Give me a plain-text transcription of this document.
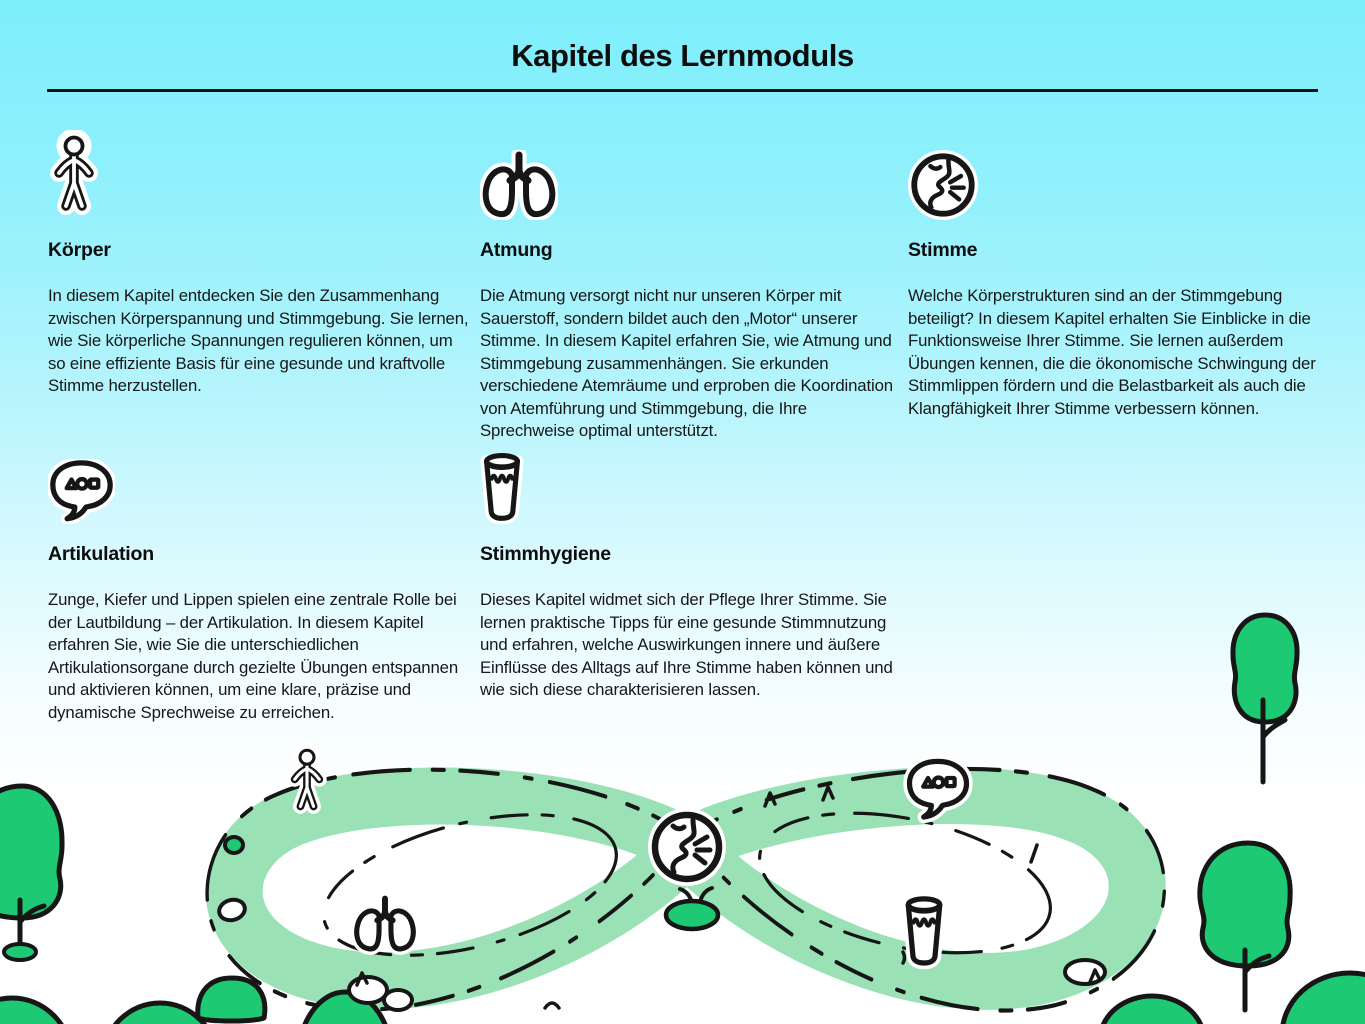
Kapitel des Lernmoduls
Körper

In diesem Kapitel entdecken Sie den Zusammenhang zwischen Körperspannung und Stimmgebung. Sie lernen, wie Sie körperliche Spannungen regulieren können, um so eine effiziente Basis für eine gesunde und kraftvolle Stimme herzustellen.

Atmung

Die Atmung versorgt nicht nur unseren Körper mit Sauerstoff, sondern bildet auch den „Motor“ unserer Stimme. In diesem Kapitel erfahren Sie, wie Atmung und Stimmgebung zusammenhängen. Sie erkunden verschiedene Atemräume und erproben die Koordination von Atemführung und Stimmgebung, die Ihre Sprechweise optimal unterstützt.

Stimme

Welche Körperstrukturen sind an der Stimmgebung beteiligt? In diesem Kapitel erhalten Sie Einblicke in die Funktionsweise Ihrer Stimme. Sie lernen außerdem Übungen kennen, die die ökonomische Schwingung der Stimmlippen fördern und die Belastbarkeit als auch die Klangfähigkeit Ihrer Stimme verbessern können.

Artikulation

Zunge, Kiefer und Lippen spielen eine zentrale Rolle bei der Lautbildung – der Artikulation. In diesem Kapitel erfahren Sie, wie Sie die unterschiedlichen Artikulationsorgane durch gezielte Übungen entspannen und aktivieren können, um eine klare, präzise und dynamische Sprechweise zu erreichen.

Stimmhygiene

Dieses Kapitel widmet sich der Pflege Ihrer Stimme. Sie lernen praktische Tipps für eine gesunde Stimmnutzung und erfahren, welche Auswirkungen innere und äußere Einflüsse des Alltags auf Ihre Stimme haben können und wie sich diese charakterisieren lassen.
